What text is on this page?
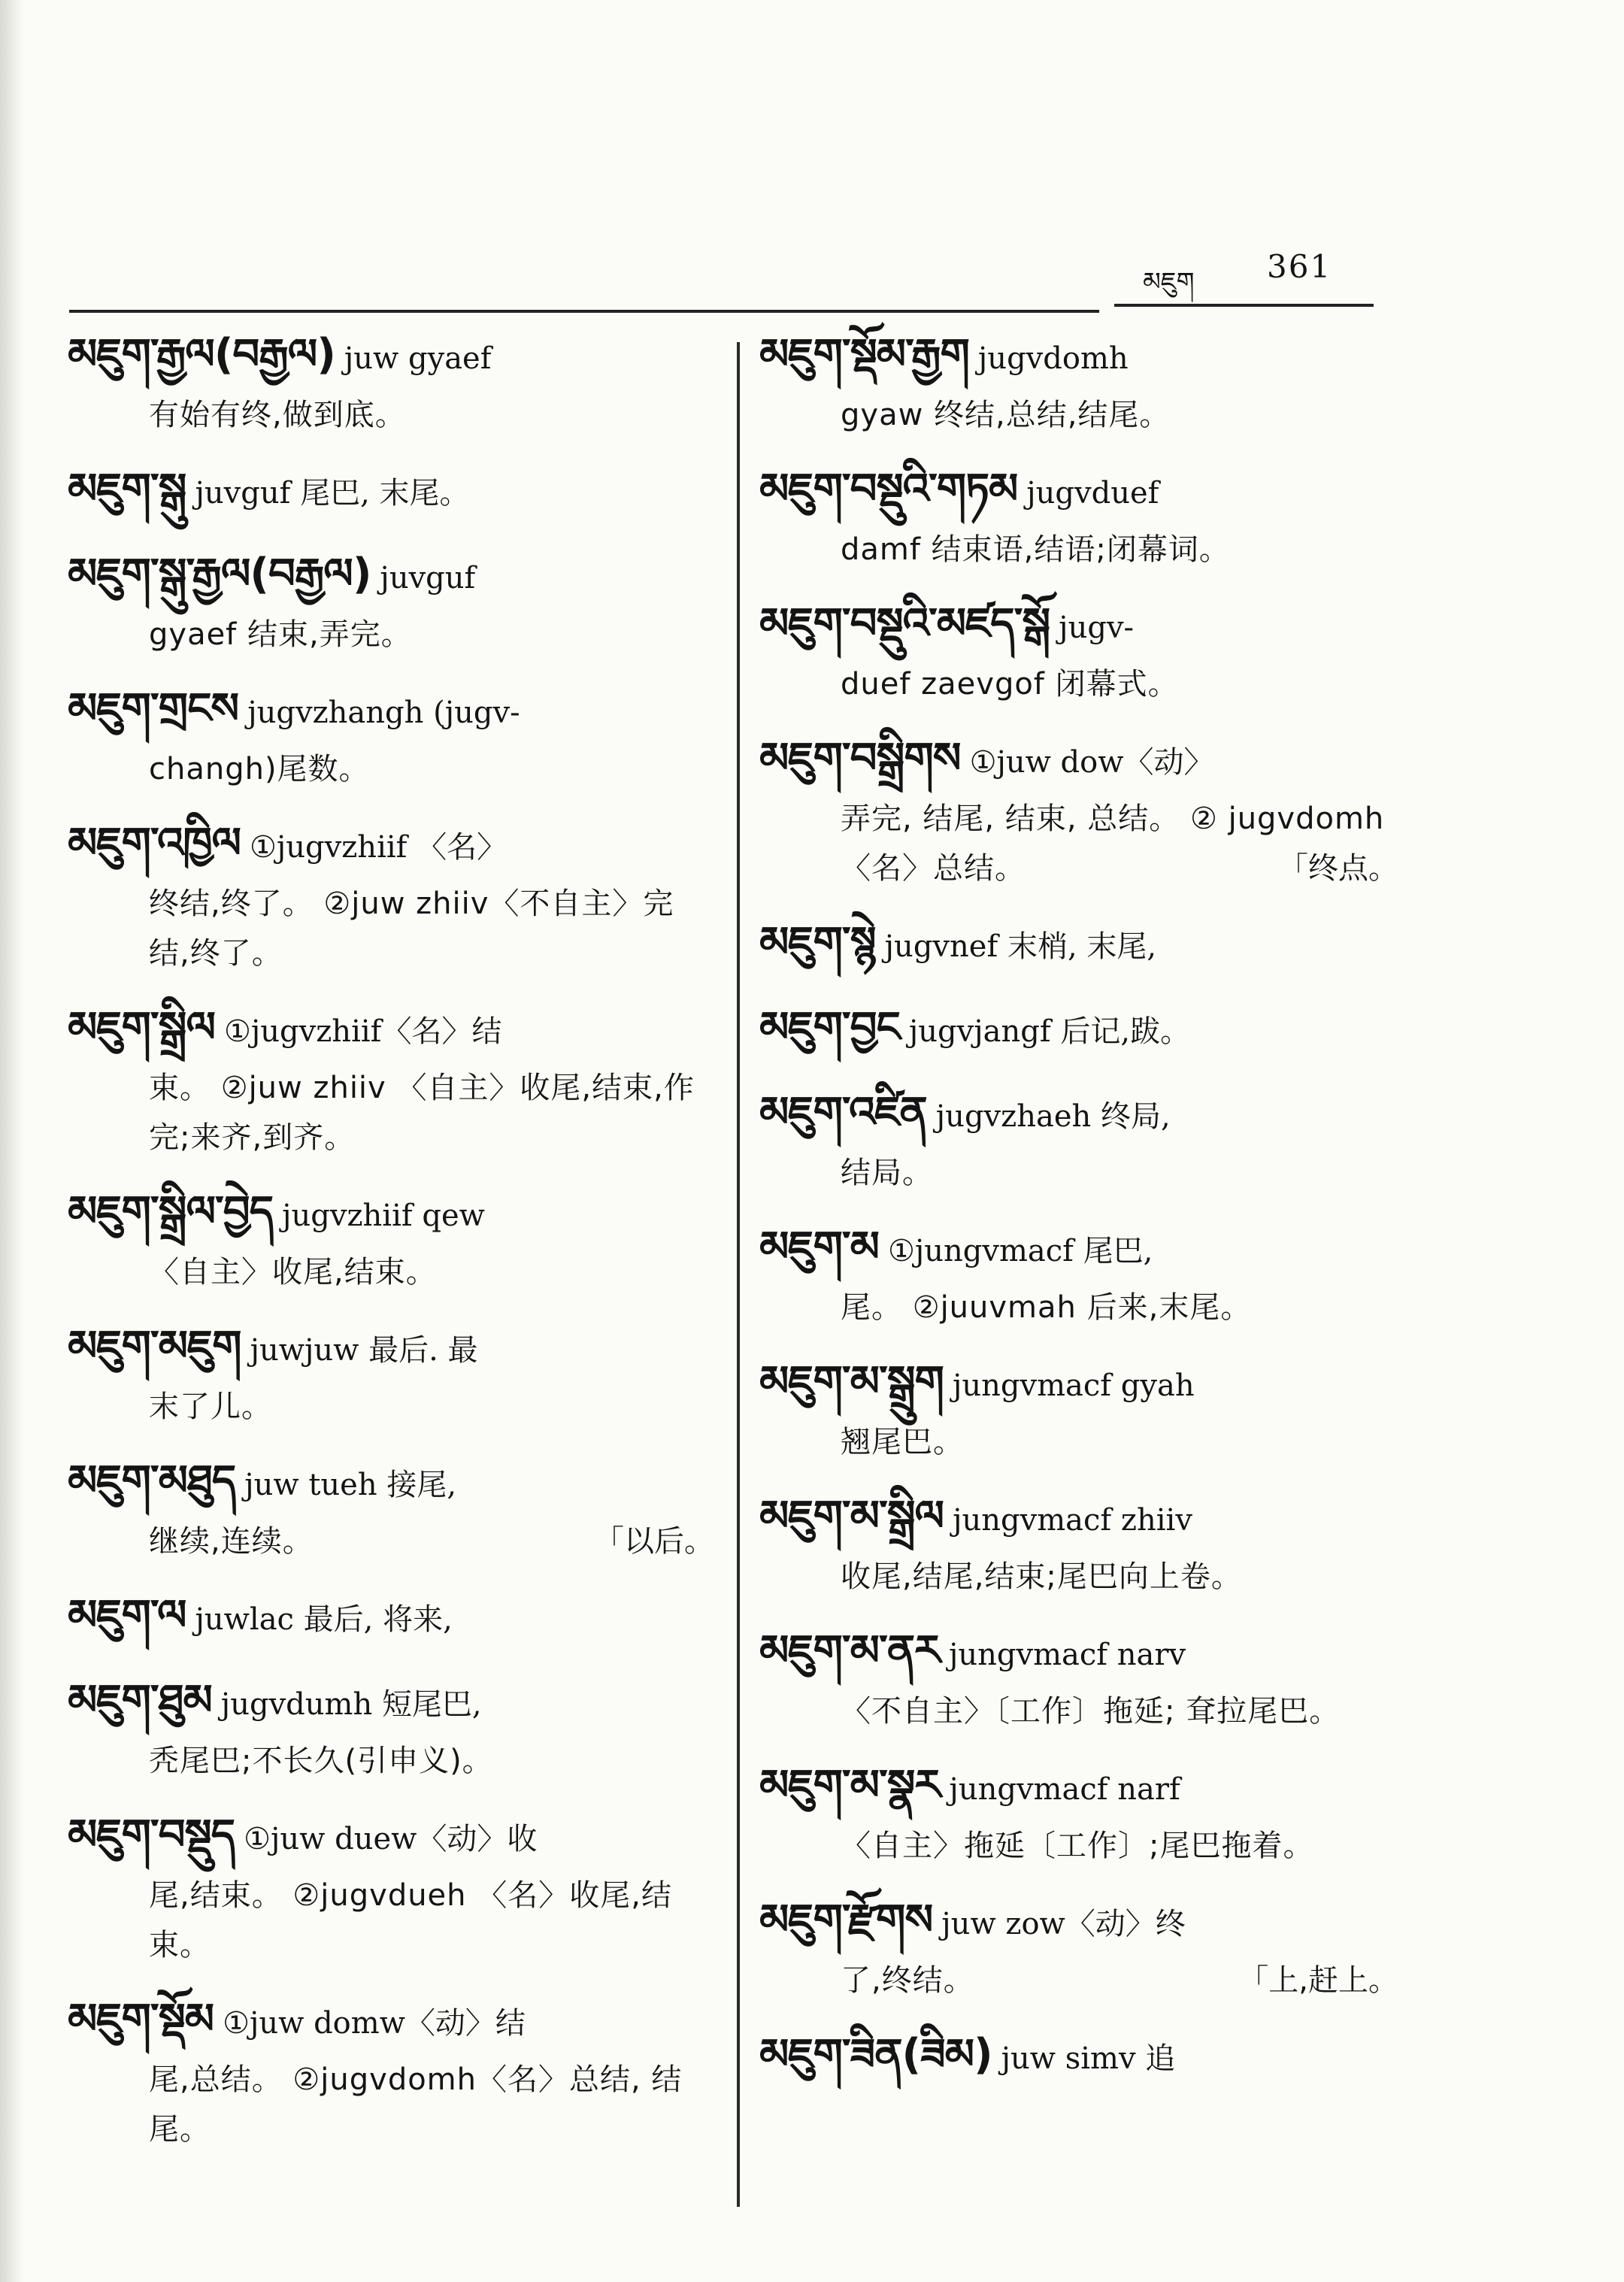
མཇུག 361
མཇུག་རྒྱལ(བརྒྱལ) juw gyaef
有始有终,做到底。
མཇུག་སྒུ juvguf 尾巴, 末尾。
མཇུག་སྒུ་རྒྱལ(བརྒྱལ) juvguf
gyaef 结束,弄完。
མཇུག་གྲངས jugvzhangh (jugv-
changh)尾数。
མཇུག་འཁྱིལ ①jugvzhiif 〈名〉
终结,终了。 ②juw zhiiv〈不自主〉完结,终了。
མཇུག་སྒྲིལ ①jugvzhiif〈名〉结
束。 ②juw zhiiv 〈自主〉收尾,结束,作完;来齐,到齐。
མཇུག་སྒྲིལ་བྱེད jugvzhiif qew
〈自主〉收尾,结束。
མཇུག་མཇུག juwjuw 最后. 最
末了儿。
མཇུག་མཐུད juw tueh 接尾,
继续,连续。	「以后。
མཇུག་ལ juwlac 最后, 将来,
མཇུག་ཐུམ jugvdumh 短尾巴,
秃尾巴;不长久(引申义)。
མཇུག་བསྡུད ①juw duew〈动〉收
尾,结束。 ②jugvdueh 〈名〉收尾,结束。
མཇུག་སྡོམ ①juw domw〈动〉结
尾,总结。 ②jugvdomh〈名〉总结, 结尾。
མཇུག་སྡོམ་རྒྱག jugvdomh
gyaw 终结,总结,结尾。
མཇུག་བསྡུའི་གཏམ jugvduef
damf 结束语,结语;闭幕词。
མཇུག་བསྡུའི་མཛད་སྒོ jugv-
duef zaevgof 闭幕式。
མཇུག་བསྒྲིགས ①juw dow〈动〉
弄完, 结尾, 结束, 总结。 ② jugvdomh〈名〉总结。	「终点。
མཇུག་སྙེ jugvnef 末梢, 末尾,
མཇུག་བྱང jugvjangf 后记,跋。
མཇུག་འཛིན jugvzhaeh 终局,
结局。
མཇུག་མ ①jungvmacf 尾巴,
尾。 ②juuvmah 后来,末尾。
མཇུག་མ་སྒྲུག jungvmacf gyah
翘尾巴。
མཇུག་མ་སྒྲིལ jungvmacf zhiiv
收尾,结尾,结束;尾巴向上卷。
མཇུག་མ་ནར jungvmacf narv
〈不自主〉〔工作〕拖延; 耷拉尾巴。
མཇུག་མ་སྣར jungvmacf narf
〈自主〉拖延〔工作〕;尾巴拖着。
མཇུག་རྫོགས juw zow〈动〉终
了,终结。	「上,赶上。
མཇུག་ཟིན(ཟིམ) juw simv 追
